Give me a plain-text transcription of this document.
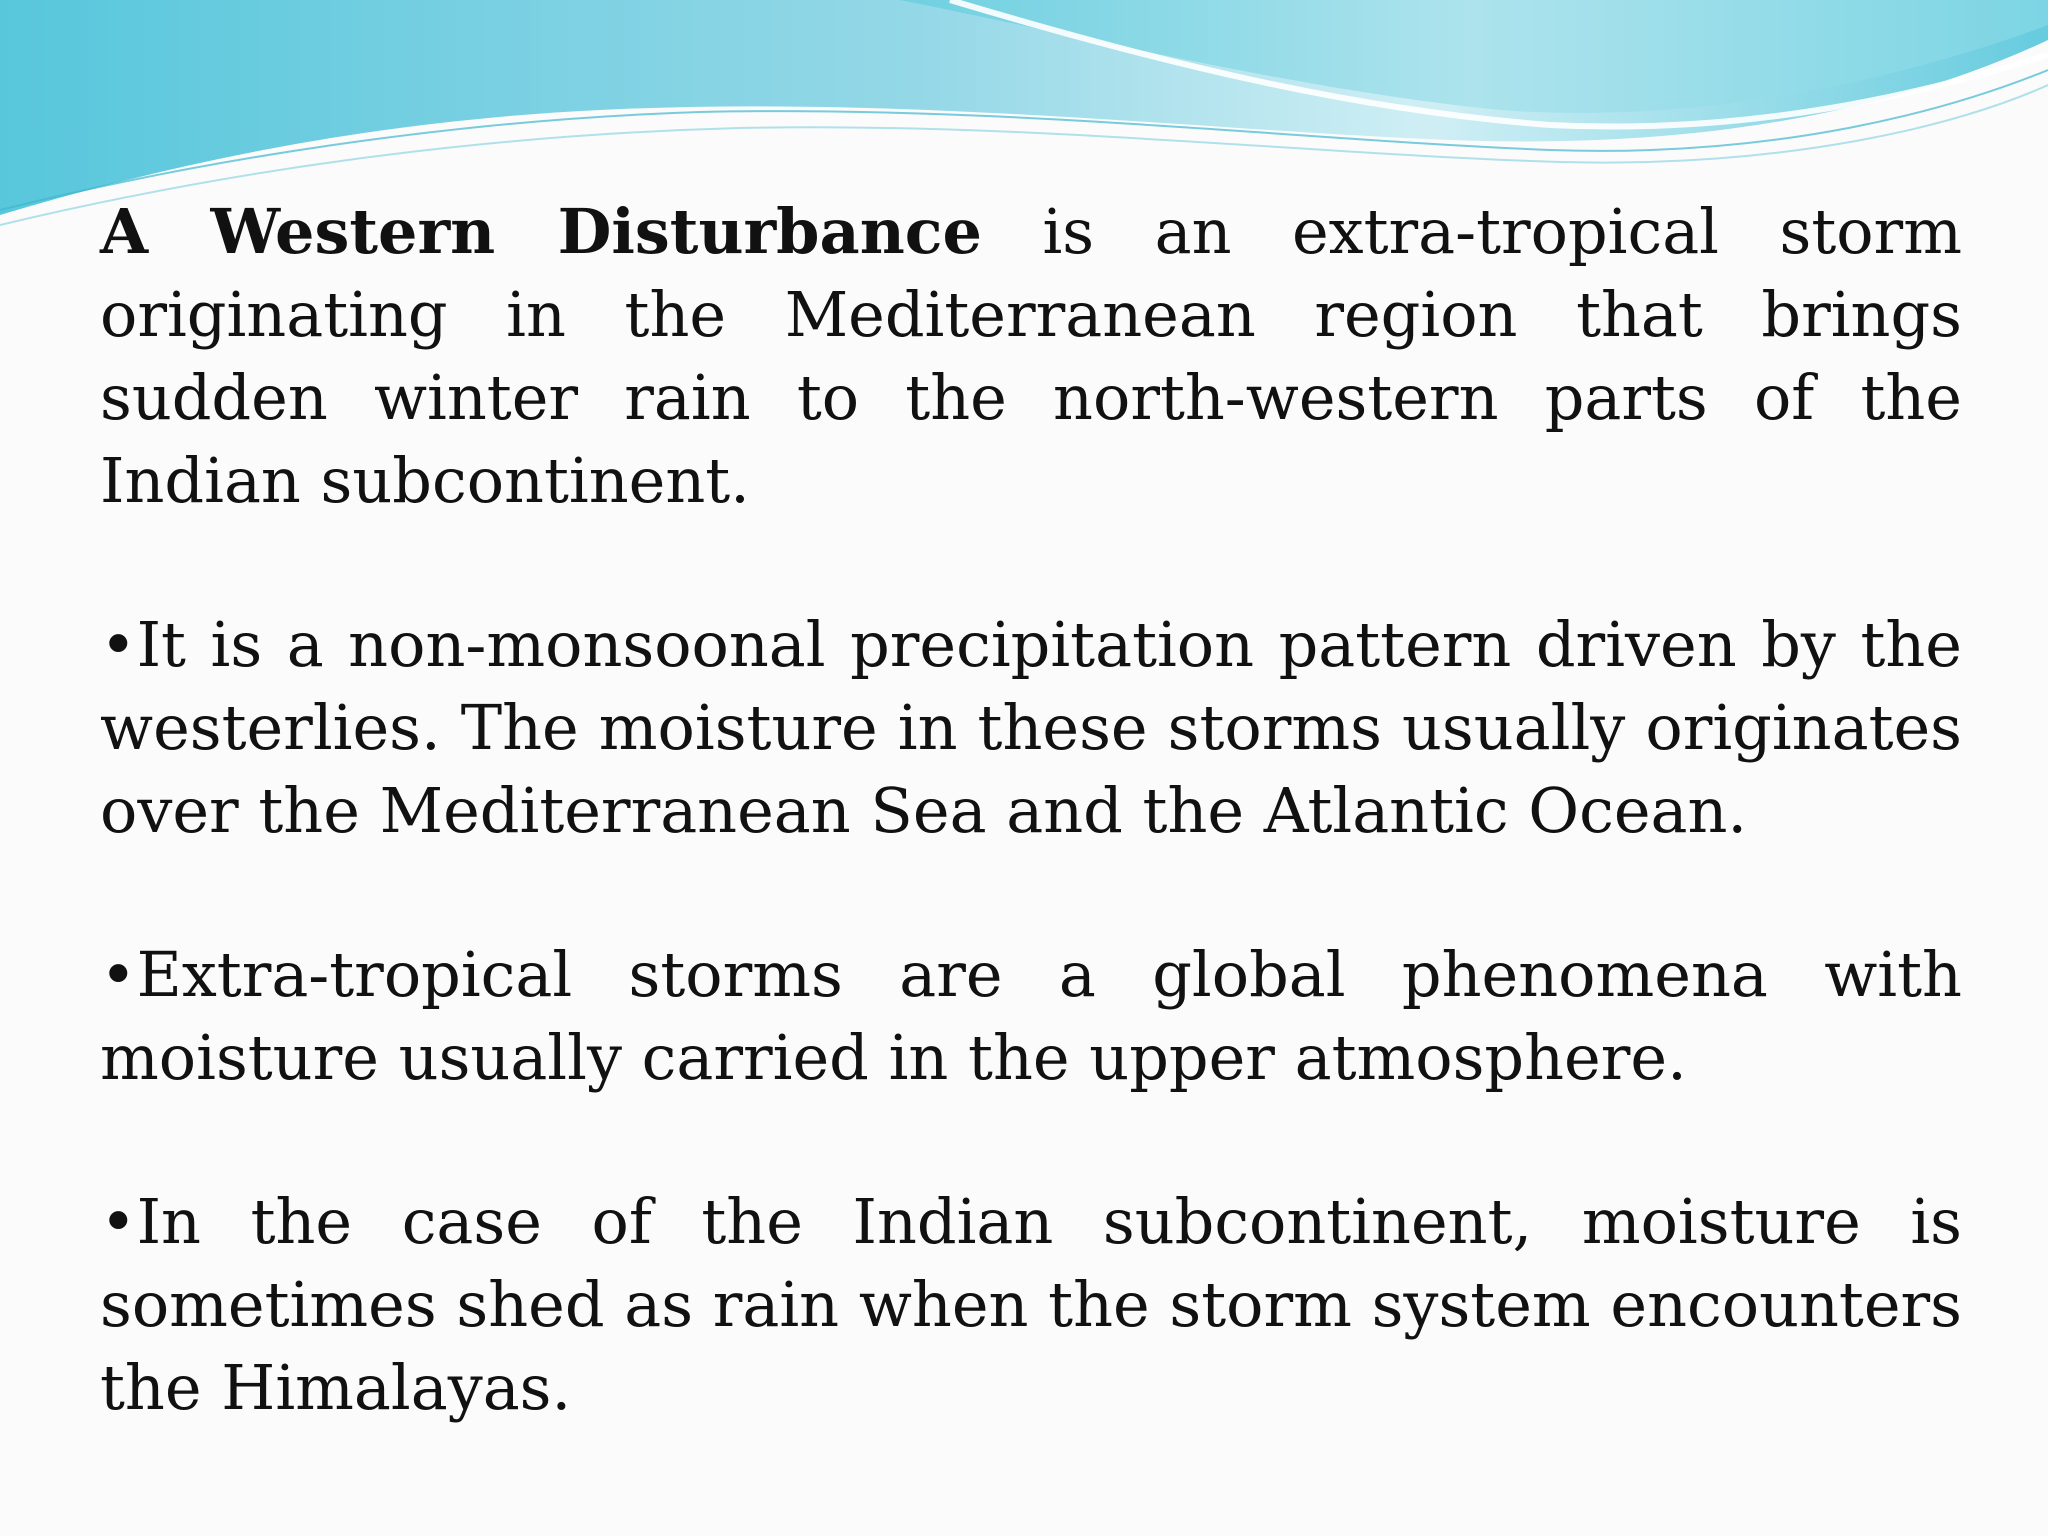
A Western Disturbance is an extra-tropical storm originating in the Mediterranean region that brings sudden winter rain to the north-western parts of the Indian subcontinent.

•It is a non-monsoonal precipitation pattern driven by the westerlies. The moisture in these storms usually originates over the Mediterranean Sea and the Atlantic Ocean.

•Extra-tropical storms are a global phenomena with moisture usually carried in the upper atmosphere.

•In the case of the Indian subcontinent, moisture is sometimes shed as rain when the storm system encounters the Himalayas.
